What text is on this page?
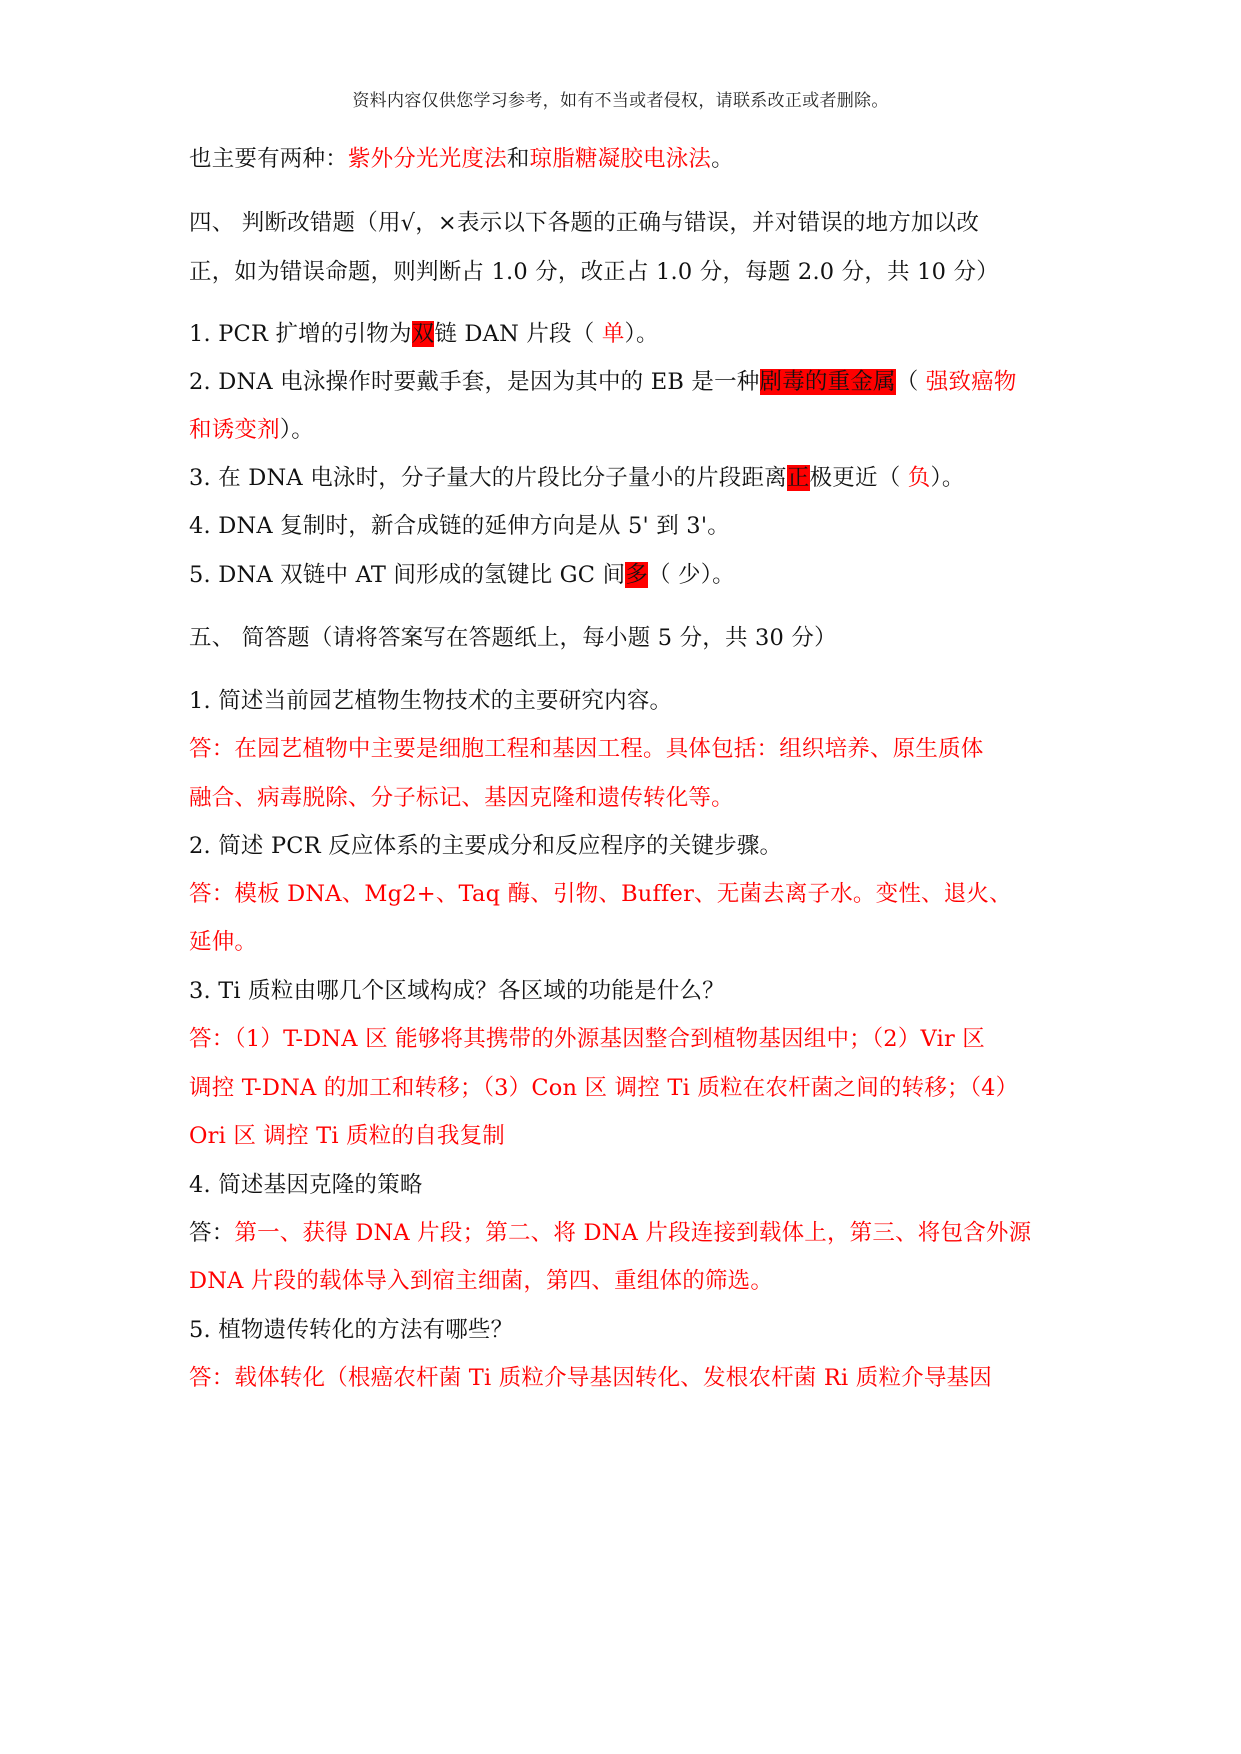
资料内容仅供您学习参考，如有不当或者侵权，请联系改正或者删除。
也主要有两种：紫外分光光度法和琼脂糖凝胶电泳法。
四、 判断改错题（用√，×表示以下各题的正确与错误，并对错误的地方加以改
正，如为错误命题，则判断占 1.0 分，改正占 1.0 分，每题 2.0 分，共 10 分）
1. PCR 扩增的引物为双链 DAN 片段（ 单）。
2. DNA 电泳操作时要戴手套，是因为其中的 EB 是一种剧毒的重金属（ 强致癌物
和诱变剂）。
3. 在 DNA 电泳时，分子量大的片段比分子量小的片段距离正极更近（ 负）。
4. DNA 复制时，新合成链的延伸方向是从 5' 到 3'。
5. DNA 双链中 AT 间形成的氢键比 GC 间多（ 少）。
五、 简答题（请将答案写在答题纸上，每小题 5 分，共 30 分）
1. 简述当前园艺植物生物技术的主要研究内容。
答：在园艺植物中主要是细胞工程和基因工程。具体包括：组织培养、原生质体
融合、病毒脱除、分子标记、基因克隆和遗传转化等。
2. 简述 PCR 反应体系的主要成分和反应程序的关键步骤。
答：模板 DNA、Mg2+、Taq 酶、引物、Buffer、无菌去离子水。变性、退火、
延伸。
3. Ti 质粒由哪几个区域构成？各区域的功能是什么？
答：（1）T-DNA 区 能够将其携带的外源基因整合到植物基因组中；（2）Vir 区
调控 T-DNA 的加工和转移；（3）Con 区 调控 Ti 质粒在农杆菌之间的转移；（4）
Ori 区 调控 Ti 质粒的自我复制
4. 简述基因克隆的策略
答：第一、获得 DNA 片段；第二、将 DNA 片段连接到载体上，第三、将包含外源
DNA 片段的载体导入到宿主细菌，第四、重组体的筛选。
5. 植物遗传转化的方法有哪些？
答：载体转化（根癌农杆菌 Ti 质粒介导基因转化、发根农杆菌 Ri 质粒介导基因
